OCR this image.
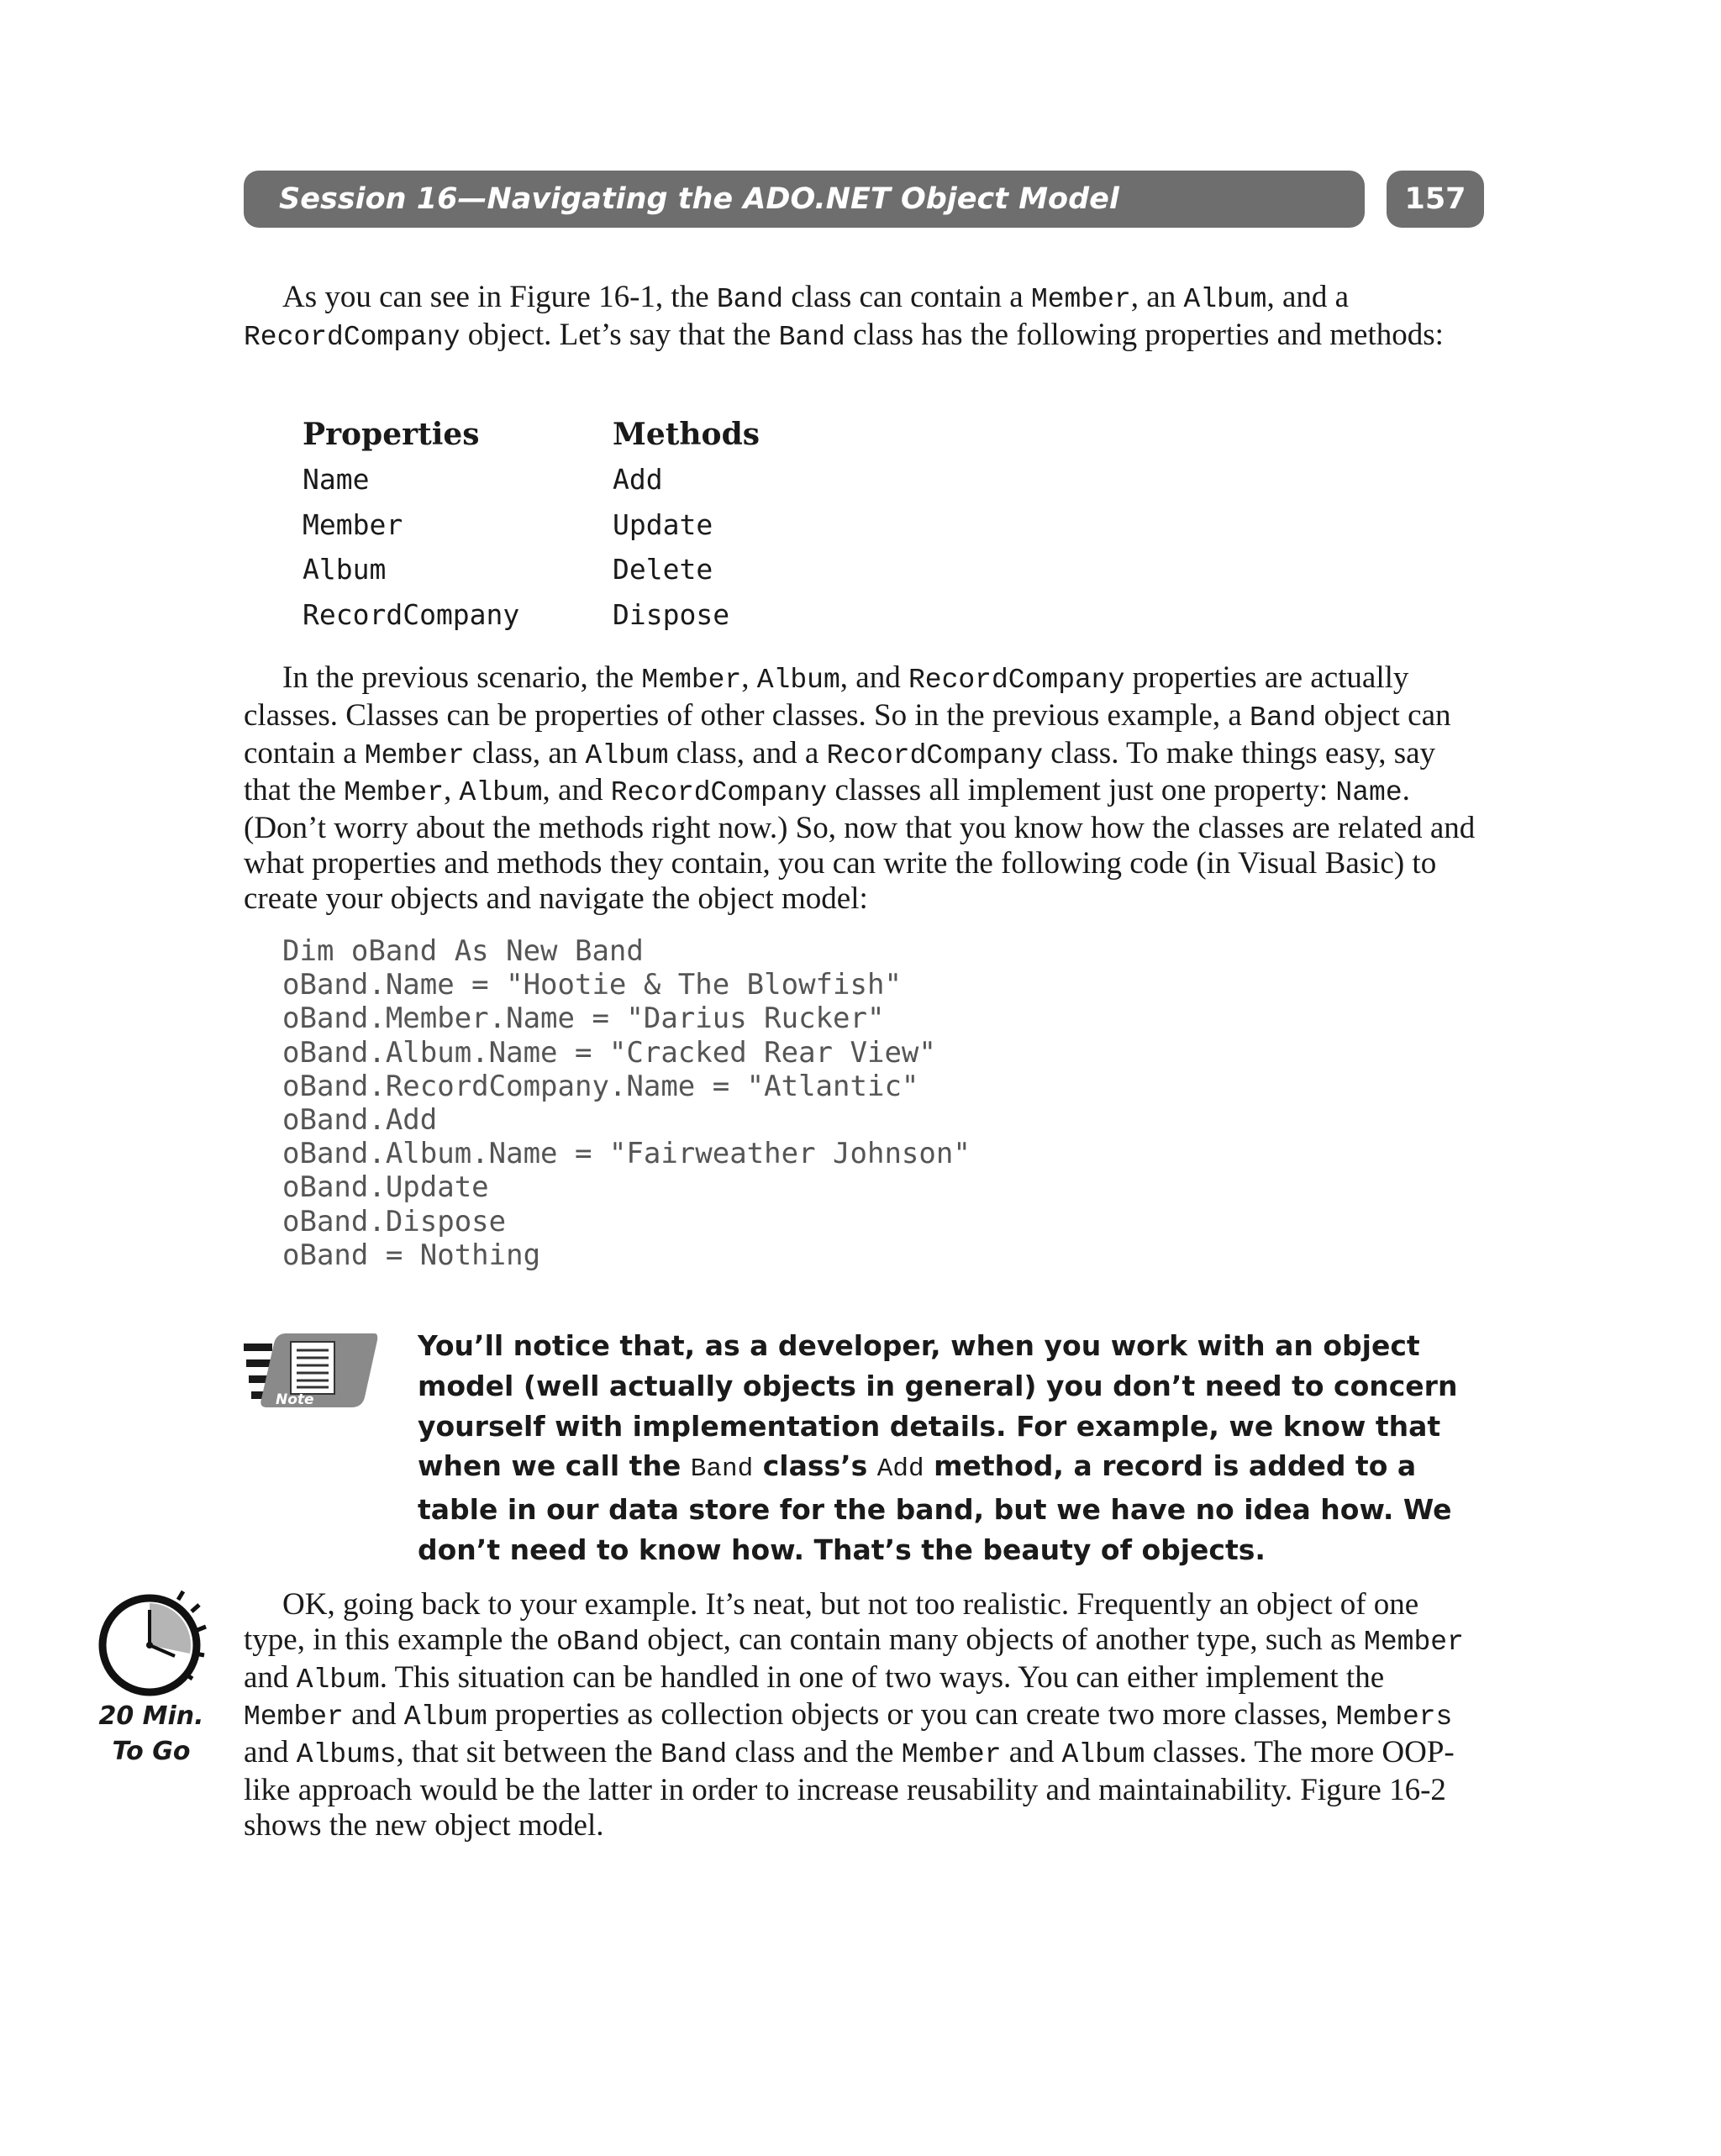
Session 16—Navigating the ADO.NET Object Model	157

As you can see in Figure 16-1, the Band class can contain a Member, an Album, and a RecordCompany object. Let’s say that the Band class has the following properties and methods:

Properties
Name
Member
Album
RecordCompany
Methods
Add
Update
Delete
Dispose

In the previous scenario, the Member, Album, and RecordCompany properties are actually classes. Classes can be properties of other classes. So in the previous example, a Band object can contain a Member class, an Album class, and a RecordCompany class. To make things easy, say that the Member, Album, and RecordCompany classes all implement just one property: Name. (Don’t worry about the methods right now.) So, now that you know how the classes are related and what properties and methods they contain, you can write the following code (in Visual Basic) to create your objects and navigate the object model:

Dim oBand As New Band
oBand.Name = "Hootie & The Blowfish"
oBand.Member.Name = "Darius Rucker"
oBand.Album.Name = "Cracked Rear View"
oBand.RecordCompany.Name = "Atlantic"
oBand.Add
oBand.Album.Name = "Fairweather Johnson"
oBand.Update
oBand.Dispose
oBand = Nothing
Note

You’ll notice that, as a developer, when you work with an object model (well actually objects in general) you don’t need to concern yourself with implementation details. For example, we know that when we call the Band class’s Add method, a record is added to a table in our data store for the band, but we have no idea how. We don’t need to know how. That’s the beauty of objects.

20 Min.
To Go

OK, going back to your example. It’s neat, but not too realistic. Frequently an object of one type, in this example the oBand object, can contain many objects of another type, such as Member and Album. This situation can be handled in one of two ways. You can either implement the Member and Album properties as collection objects or you can create two more classes, Members and Albums, that sit between the Band class and the Member and Album classes. The more OOP-like approach would be the latter in order to increase reusability and maintainability. Figure 16-2 shows the new object model.
